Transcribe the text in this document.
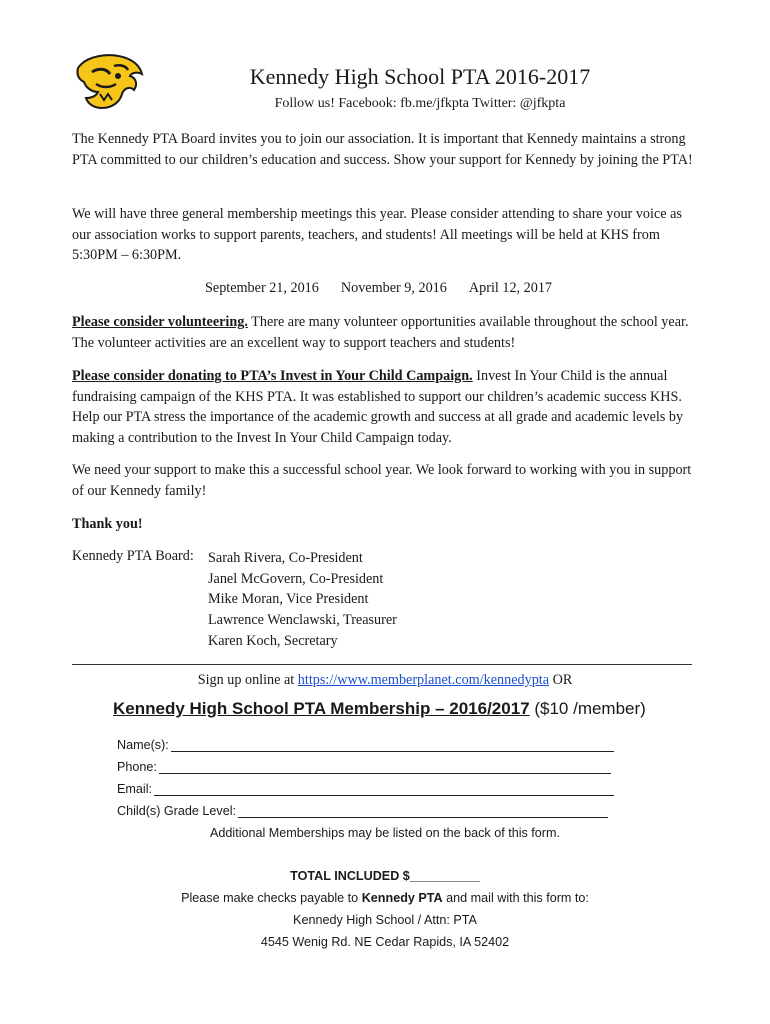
Kennedy High School PTA 2016-2017
Follow us! Facebook: fb.me/jfkpta Twitter: @jfkpta
The Kennedy PTA Board invites you to join our association. It is important that Kennedy maintains a strong PTA committed to our children’s education and success. Show your support for Kennedy by joining the PTA!
We will have three general membership meetings this year. Please consider attending to share your voice as our association works to support parents, teachers, and students! All meetings will be held at KHS from 5:30PM – 6:30PM.
September 21, 2016 November 9, 2016 April 12, 2017
Please consider volunteering. There are many volunteer opportunities available throughout the school year. The volunteer activities are an excellent way to support teachers and students!
Please consider donating to PTA’s Invest in Your Child Campaign. Invest In Your Child is the annual fundraising campaign of the KHS PTA. It was established to support our children’s academic success KHS. Help our PTA stress the importance of the academic growth and success at all grade and academic levels by making a contribution to the Invest In Your Child Campaign today.
We need your support to make this a successful school year. We look forward to working with you in support of our Kennedy family!
Thank you!
Kennedy PTA Board: Sarah Rivera, Co-President
Janel McGovern, Co-President
Mike Moran, Vice President
Lawrence Wenclawski, Treasurer
Karen Koch, Secretary
Sign up online at https://www.memberplanet.com/kennedypta OR
Kennedy High School PTA Membership – 2016/2017 ($10 /member)
Name(s):
Phone:
Email:
Child(s) Grade Level:
Additional Memberships may be listed on the back of this form.
TOTAL INCLUDED $__________
Please make checks payable to Kennedy PTA and mail with this form to:
Kennedy High School / Attn: PTA
4545 Wenig Rd. NE Cedar Rapids, IA 52402
